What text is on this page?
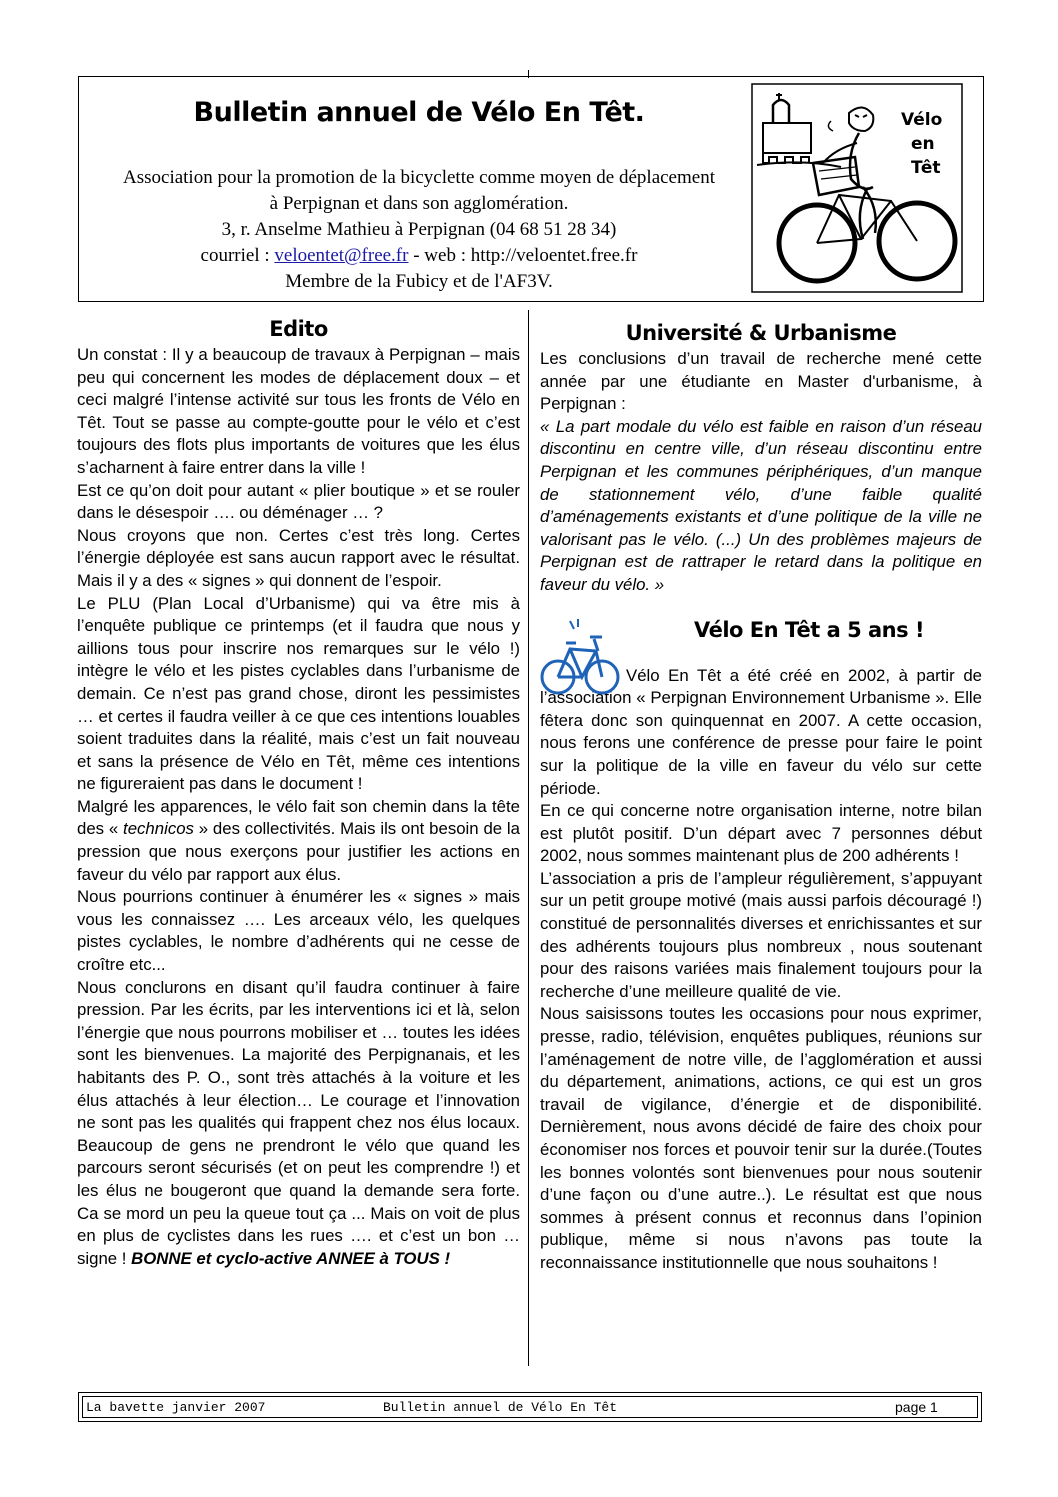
Bulletin annuel de Vélo En Têt.
Association pour la promotion de la bicyclette comme moyen de déplacement
à Perpignan et dans son agglomération.
3, r. Anselme Mathieu à Perpignan (04 68 51 28 34)
courriel : veloentet@free.fr - web : http://veloentet.free.fr
Membre de la Fubicy et de l'AF3V.
Vélo
en
Têt
Edito

Un constat : Il y a beaucoup de travaux à Perpignan – mais peu qui concernent les modes de déplacement doux – et ceci malgré l’intense activité sur tous les fronts de Vélo en Têt. Tout se passe au compte-goutte pour le vélo et c’est toujours des flots plus importants de voitures que les élus s’acharnent à faire entrer dans la ville !

Est ce qu’on doit pour autant « plier boutique » et se rouler dans le désespoir …. ou déménager … ?

Nous croyons que non. Certes c’est très long. Certes l’énergie déployée est sans aucun rapport avec le résultat. Mais il y a des « signes » qui donnent de l’espoir.

Le PLU (Plan Local d’Urbanisme) qui va être mis à l’enquête publique ce printemps (et il faudra que nous y aillions tous pour inscrire nos remarques sur le vélo !) intègre le vélo et les pistes cyclables dans l’urbanisme de demain. Ce n’est pas grand chose, diront les pessimistes … et certes il faudra veiller à ce que ces intentions louables soient traduites dans la réalité, mais c’est un fait nouveau et sans la présence de Vélo en Têt, même ces intentions ne figureraient pas dans le document !

Malgré les apparences, le vélo fait son chemin dans la tête des « technicos » des collectivités. Mais ils ont besoin de la pression que nous exerçons pour justifier les actions en faveur du vélo par rapport aux élus.

Nous pourrions continuer à énumérer les « signes » mais vous les connaissez …. Les arceaux vélo, les quelques pistes cyclables, le nombre d’adhérents qui ne cesse de croître etc...

Nous conclurons en disant qu’il faudra continuer à faire pression. Par les écrits, par les interventions ici et là, selon l’énergie que nous pourrons mobiliser et … toutes les idées sont les bienvenues. La majorité des Perpignanais, et les habitants des P. O., sont très attachés à la voiture et les élus attachés à leur élection… Le courage et l’innovation ne sont pas les qualités qui frappent chez nos élus locaux. Beaucoup de gens ne prendront le vélo que quand les parcours seront sécurisés (et on peut les comprendre !) et les élus ne bougeront que quand la demande sera forte. Ca se mord un peu la queue tout ça ... Mais on voit de plus en plus de cyclistes dans les rues …. et c’est un bon … signe ! BONNE et cyclo-active ANNEE à TOUS !

Université & Urbanisme

Les conclusions d’un travail de recherche mené cette année par une étudiante en Master d'urbanisme, à Perpignan :

« La part modale du vélo est faible en raison d’un réseau discontinu en centre ville, d’un réseau discontinu entre Perpignan et les communes périphériques, d’un manque de stationnement vélo, d’une faible qualité d’aménagements existants et d’une politique de la ville ne valorisant pas le vélo. (...) Un des problèmes majeurs de Perpignan est de rattraper le retard dans la politique en faveur du vélo. »

Vélo En Têt a 5 ans !

Vélo En Têt a été créé en 2002, à partir de l’association « Perpignan Environnement Urbanisme ». Elle fêtera donc son quinquennat en 2007. A cette occasion, nous ferons une conférence de presse pour faire le point sur la politique de la ville en faveur du vélo sur cette période.

En ce qui concerne notre organisation interne, notre bilan est plutôt positif. D’un départ avec 7 personnes début 2002, nous sommes maintenant plus de 200 adhérents !

L’association a pris de l’ampleur régulièrement, s’appuyant sur un petit groupe motivé (mais aussi parfois découragé !) constitué de personnalités diverses et enrichissantes et sur des adhérents toujours plus nombreux , nous soutenant pour des raisons variées mais finalement toujours pour la recherche d’une meilleure qualité de vie.

Nous saisissons toutes les occasions pour nous exprimer, presse, radio, télévision, enquêtes publiques, réunions sur l’aménagement de notre ville, de l’agglomération et aussi du département, animations, actions, ce qui est un gros travail de vigilance, d’énergie et de disponibilité. Dernièrement, nous avons décidé de faire des choix pour économiser nos forces et pouvoir tenir sur la durée.(Toutes les bonnes volontés sont bienvenues pour nous soutenir d’une façon ou d’une autre..). Le résultat est que nous sommes à présent connus et reconnus dans l’opinion publique, même si nous n’avons pas toute la reconnaissance institutionnelle que nous souhaitons !

La bavette janvier 2007	Bulletin annuel de Vélo En Têt	page 1
